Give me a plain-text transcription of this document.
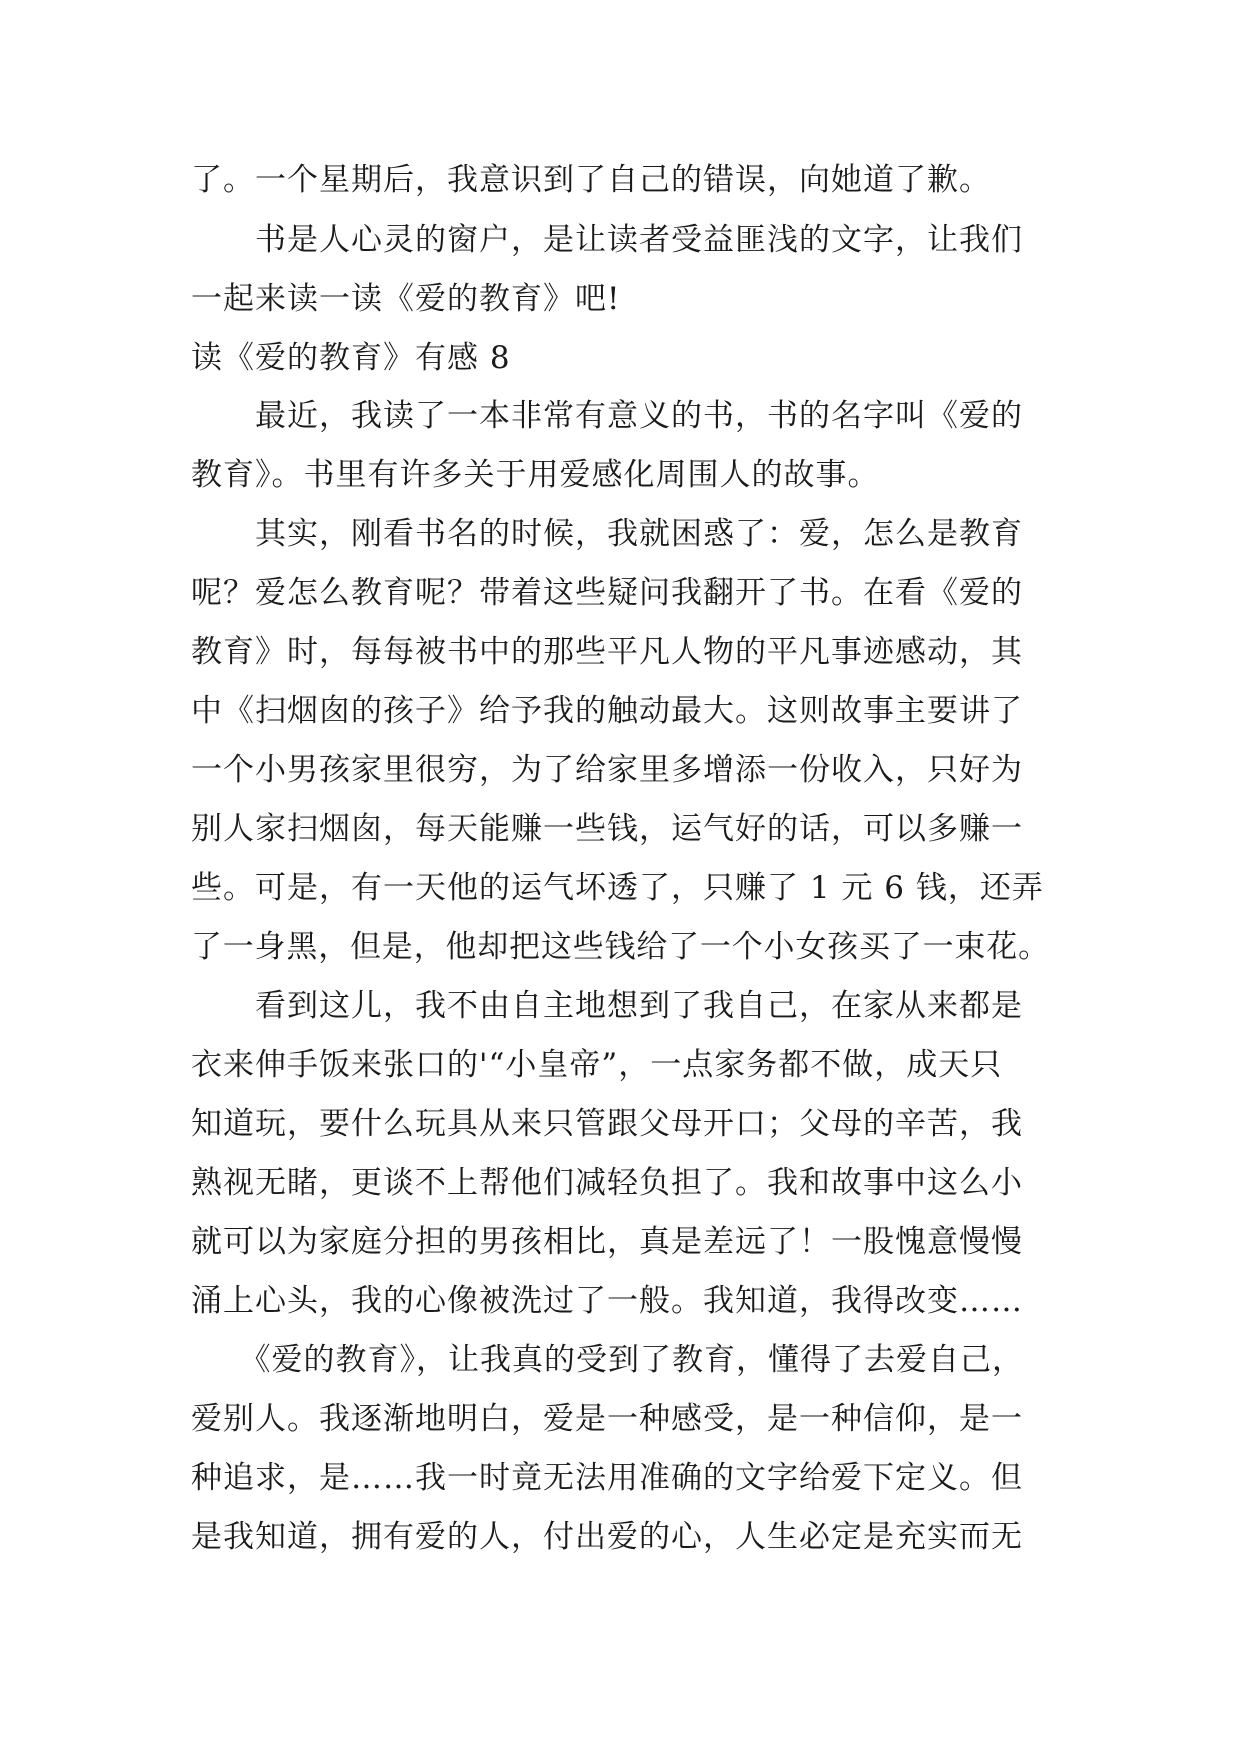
了。一个星期后，我意识到了自己的错误，向她道了歉。
　　书是人心灵的窗户，是让读者受益匪浅的文字，让我们
一起来读一读《爱的教育》吧!
读《爱的教育》有感 8
　　最近，我读了一本非常有意义的书，书的名字叫《爱的
教育》。书里有许多关于用爱感化周围人的故事。
　　其实，刚看书名的时候，我就困惑了：爱，怎么是教育
呢？爱怎么教育呢？带着这些疑问我翻开了书。在看《爱的
教育》时，每每被书中的那些平凡人物的平凡事迹感动，其
中《扫烟囱的孩子》给予我的触动最大。这则故事主要讲了
一个小男孩家里很穷，为了给家里多增添一份收入，只好为
别人家扫烟囱，每天能赚一些钱，运气好的话，可以多赚一
些。可是，有一天他的运气坏透了，只赚了 1 元 6 钱，还弄
了一身黑，但是，他却把这些钱给了一个小女孩买了一束花。
　　看到这儿，我不由自主地想到了我自己，在家从来都是
衣来伸手饭来张口的'“小皇帝”，一点家务都不做，成天只
知道玩，要什么玩具从来只管跟父母开口；父母的辛苦，我
熟视无睹，更谈不上帮他们减轻负担了。我和故事中这么小
就可以为家庭分担的男孩相比，真是差远了！一股愧意慢慢
涌上心头，我的心像被洗过了一般。我知道，我得改变……
　　《爱的教育》，让我真的受到了教育，懂得了去爱自己，
爱别人。我逐渐地明白，爱是一种感受，是一种信仰，是一
种追求，是……我一时竟无法用准确的文字给爱下定义。但
是我知道，拥有爱的人，付出爱的心，人生必定是充实而无
